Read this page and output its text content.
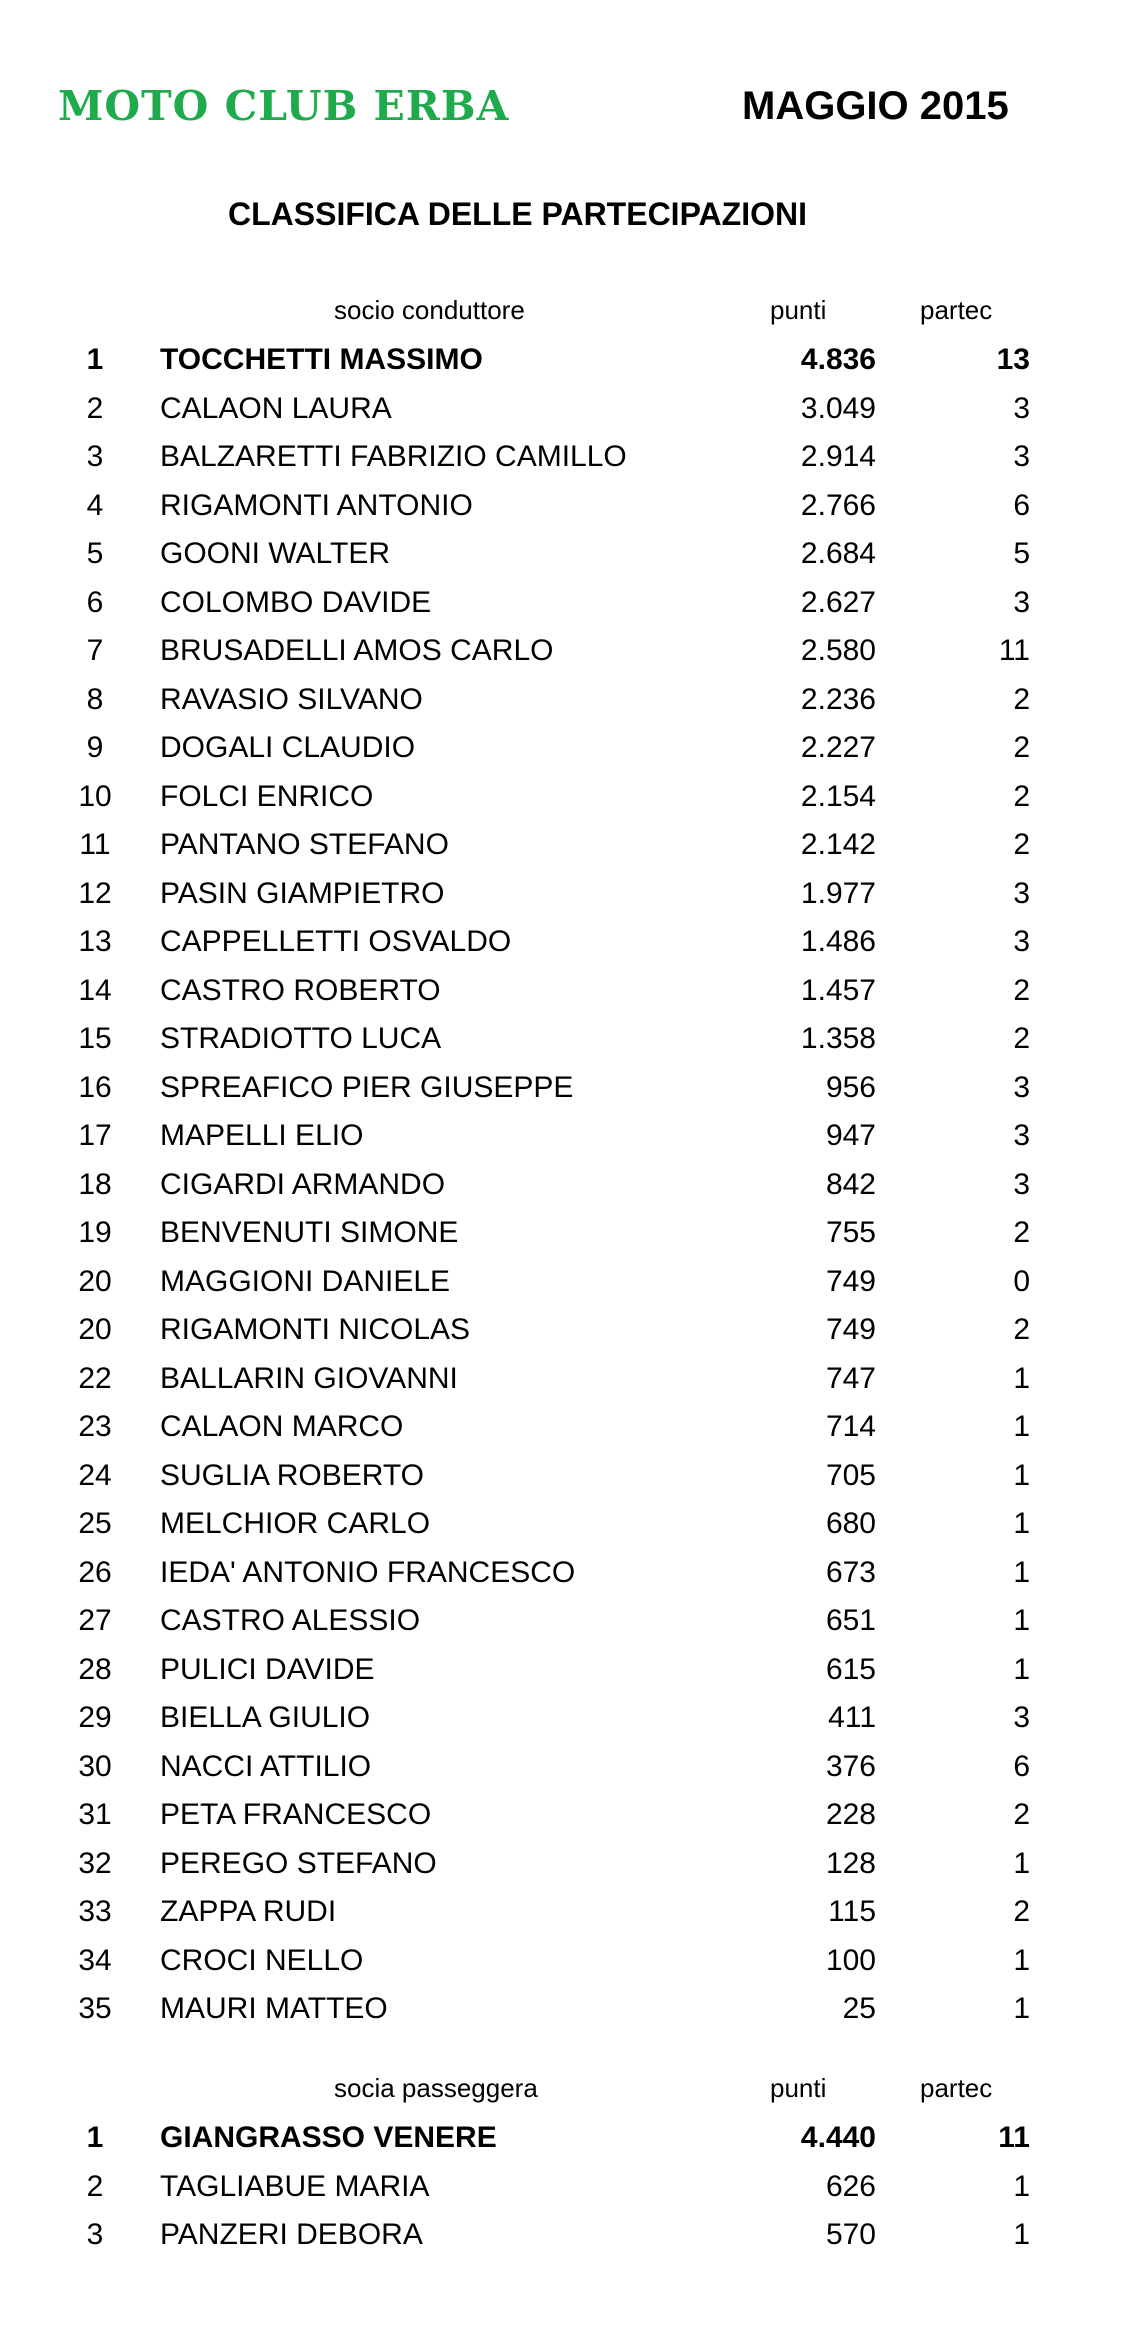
MOTO CLUB ERBA	MAGGIO 2015
CLASSIFICA DELLE PARTECIPAZIONI
socio conduttore	punti	partec
1	TOCCHETTI MASSIMO	4.836	13
2	CALAON LAURA	3.049	3
3	BALZARETTI FABRIZIO CAMILLO	2.914	3
4	RIGAMONTI ANTONIO	2.766	6
5	GOONI WALTER	2.684	5
6	COLOMBO DAVIDE	2.627	3
7	BRUSADELLI AMOS CARLO	2.580	11
8	RAVASIO SILVANO	2.236	2
9	DOGALI CLAUDIO	2.227	2
10	FOLCI ENRICO	2.154	2
11	PANTANO STEFANO	2.142	2
12	PASIN GIAMPIETRO	1.977	3
13	CAPPELLETTI OSVALDO	1.486	3
14	CASTRO ROBERTO	1.457	2
15	STRADIOTTO LUCA	1.358	2
16	SPREAFICO PIER GIUSEPPE	956	3
17	MAPELLI ELIO	947	3
18	CIGARDI ARMANDO	842	3
19	BENVENUTI SIMONE	755	2
20	MAGGIONI DANIELE	749	0
20	RIGAMONTI NICOLAS	749	2
22	BALLARIN GIOVANNI	747	1
23	CALAON MARCO	714	1
24	SUGLIA ROBERTO	705	1
25	MELCHIOR CARLO	680	1
26	IEDA' ANTONIO FRANCESCO	673	1
27	CASTRO ALESSIO	651	1
28	PULICI DAVIDE	615	1
29	BIELLA GIULIO	411	3
30	NACCI ATTILIO	376	6
31	PETA FRANCESCO	228	2
32	PEREGO STEFANO	128	1
33	ZAPPA RUDI	115	2
34	CROCI NELLO	100	1
35	MAURI MATTEO	25	1
socia passeggera	punti	partec
1	GIANGRASSO VENERE	4.440	11
2	TAGLIABUE MARIA	626	1
3	PANZERI DEBORA	570	1
